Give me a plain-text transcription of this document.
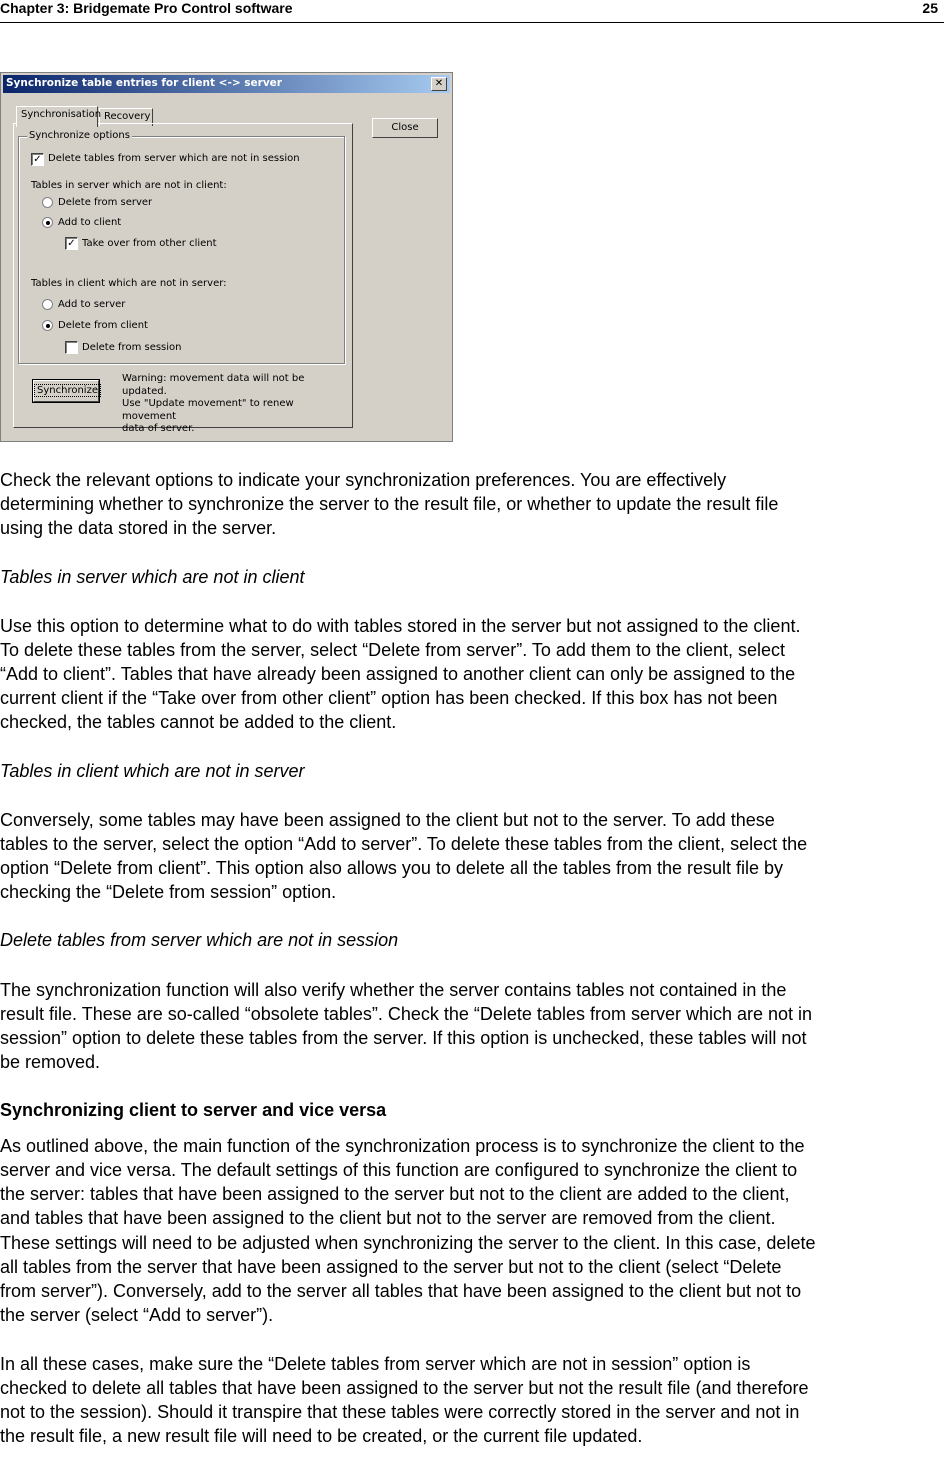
Chapter 3: Bridgemate Pro Control software	25
Synchronize table entries for client <-> server	✕
Synchronisation Recovery
Synchronize options
✓ Delete tables from server which are not in session
Tables in server which are not in client:
Delete from server
Add to client
✓ Take over from other client
Tables in client which are not in server:
Add to server
Delete from client
Delete from session
Close
Synchronize
Warning: movement data will not be updated.
Use "Update movement" to renew movement
data of server.

Check the relevant options to indicate your synchronization preferences. You are effectively
determining whether to synchronize the server to the result file, or whether to update the result file
using the data stored in the server.

Tables in server which are not in client

Use this option to determine what to do with tables stored in the server but not assigned to the client.
To delete these tables from the server, select “Delete from server”. To add them to the client, select
“Add to client”. Tables that have already been assigned to another client can only be assigned to the
current client if the “Take over from other client” option has been checked. If this box has not been
checked, the tables cannot be added to the client.

Tables in client which are not in server

Conversely, some tables may have been assigned to the client but not to the server. To add these
tables to the server, select the option “Add to server”. To delete these tables from the client, select the
option “Delete from client”. This option also allows you to delete all the tables from the result file by
checking the “Delete from session” option.

Delete tables from server which are not in session

The synchronization function will also verify whether the server contains tables not contained in the
result file. These are so-called “obsolete tables”. Check the “Delete tables from server which are not in
session” option to delete these tables from the server. If this option is unchecked, these tables will not
be removed.

Synchronizing client to server and vice versa

As outlined above, the main function of the synchronization process is to synchronize the client to the
server and vice versa. The default settings of this function are configured to synchronize the client to
the server: tables that have been assigned to the server but not to the client are added to the client,
and tables that have been assigned to the client but not to the server are removed from the client.

These settings will need to be adjusted when synchronizing the server to the client. In this case, delete
all tables from the server that have been assigned to the server but not to the client (select “Delete
from server”). Conversely, add to the server all tables that have been assigned to the client but not to
the server (select “Add to server”).

In all these cases, make sure the “Delete tables from server which are not in session” option is
checked to delete all tables that have been assigned to the server but not the result file (and therefore
not to the session). Should it transpire that these tables were correctly stored in the server and not in
the result file, a new result file will need to be created, or the current file updated.
